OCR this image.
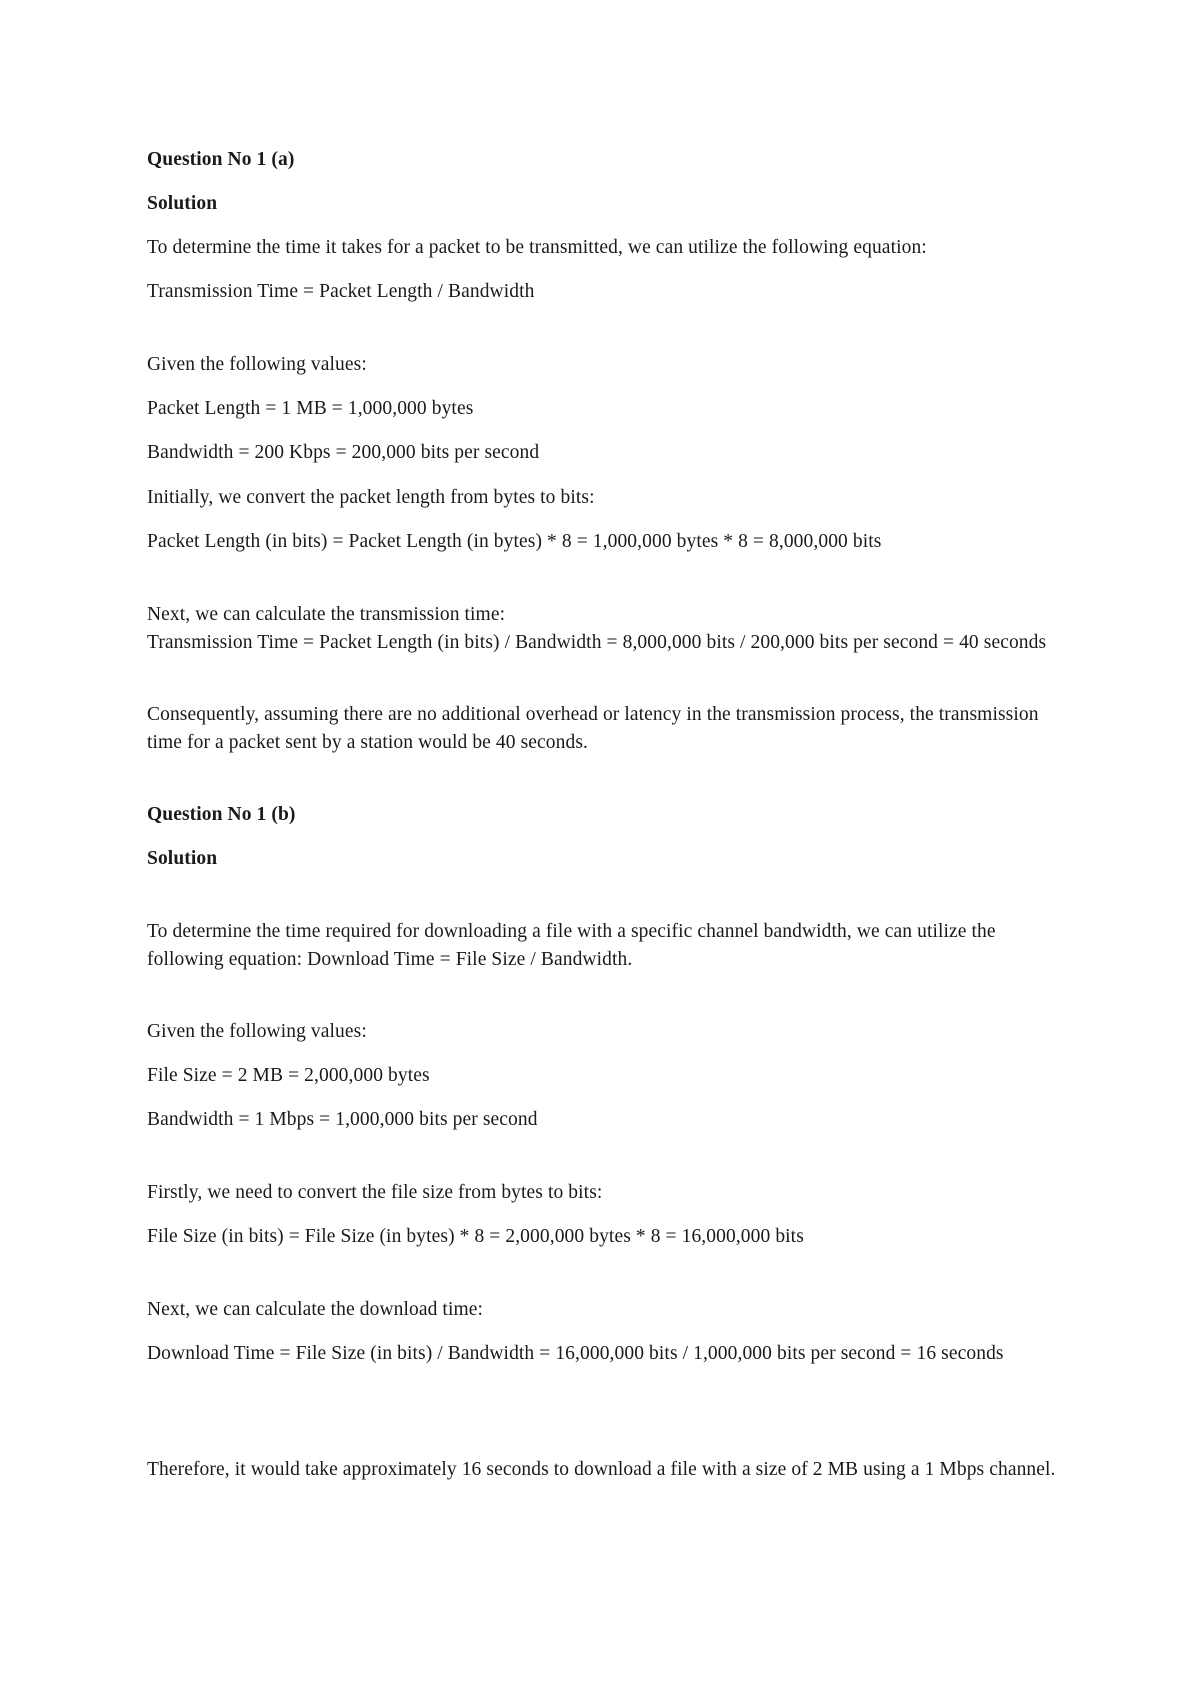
Question No 1 (a)

Solution

To determine the time it takes for a packet to be transmitted, we can utilize the following equation:

Transmission Time = Packet Length / Bandwidth

Given the following values:

Packet Length = 1 MB = 1,000,000 bytes

Bandwidth = 200 Kbps = 200,000 bits per second

Initially, we convert the packet length from bytes to bits:

Packet Length (in bits) = Packet Length (in bytes) * 8 = 1,000,000 bytes * 8 = 8,000,000 bits

Next, we can calculate the transmission time:

Transmission Time = Packet Length (in bits) / Bandwidth = 8,000,000 bits / 200,000 bits per second = 40 seconds

Consequently, assuming there are no additional overhead or latency in the transmission process, the transmission time for a packet sent by a station would be 40 seconds.

Question No 1 (b)

Solution

To determine the time required for downloading a file with a specific channel bandwidth, we can utilize the following equation: Download Time = File Size / Bandwidth.

Given the following values:

File Size = 2 MB = 2,000,000 bytes

Bandwidth = 1 Mbps = 1,000,000 bits per second

Firstly, we need to convert the file size from bytes to bits:

File Size (in bits) = File Size (in bytes) * 8 = 2,000,000 bytes * 8 = 16,000,000 bits

Next, we can calculate the download time:

Download Time = File Size (in bits) / Bandwidth = 16,000,000 bits / 1,000,000 bits per second = 16 seconds

Therefore, it would take approximately 16 seconds to download a file with a size of 2 MB using a 1 Mbps channel.
